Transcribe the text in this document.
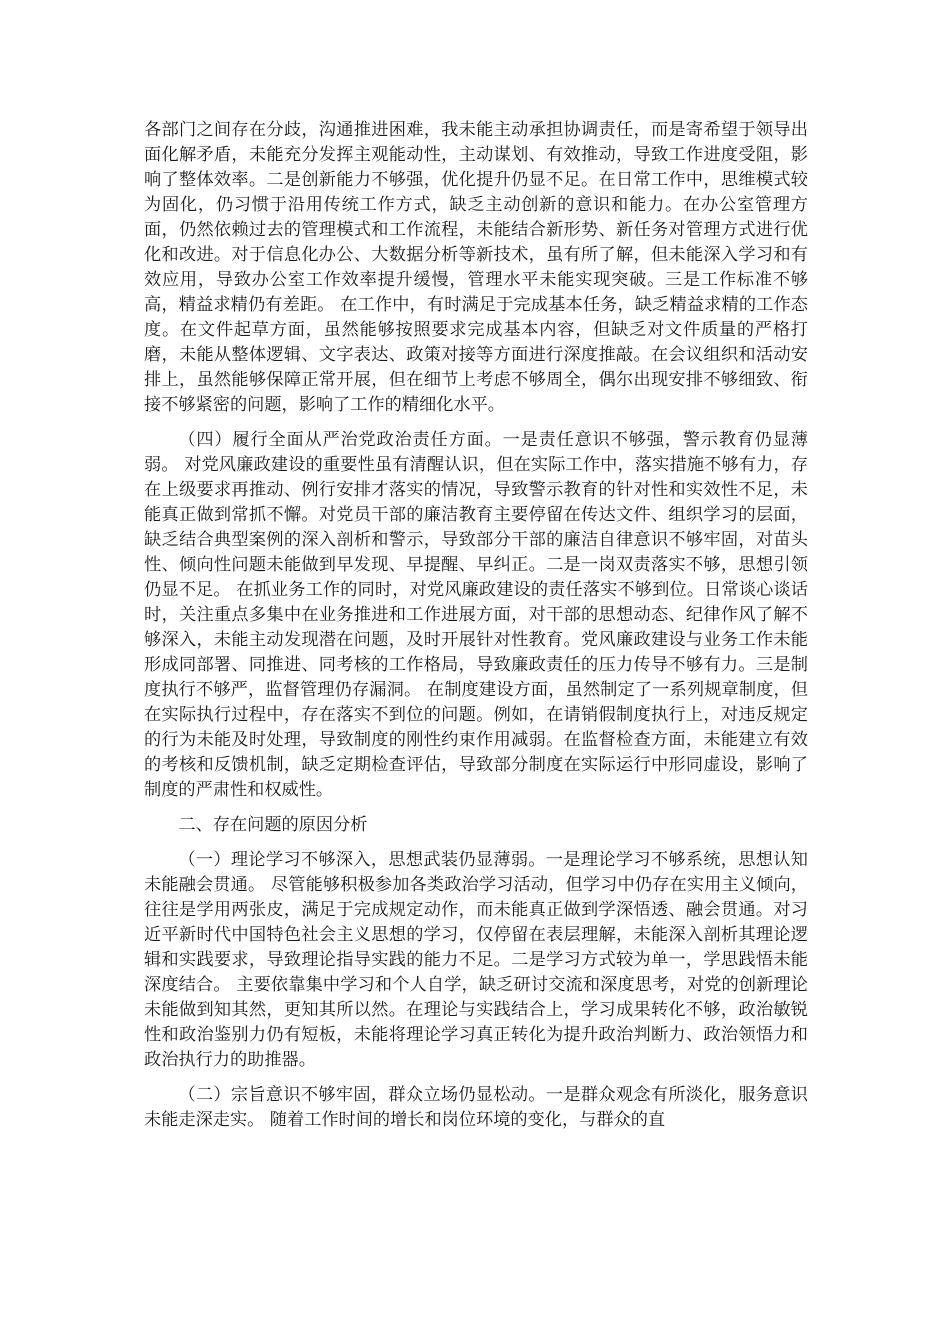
各部门之间存在分歧，沟通推进困难，我未能主动承担协调责任，而是寄希望于领导出面化解矛盾，未能充分发挥主观能动性，主动谋划、有效推动，导致工作进度受阻，影响了整体效率。二是创新能力不够强，优化提升仍显不足。在日常工作中，思维模式较为固化，仍习惯于沿用传统工作方式，缺乏主动创新的意识和能力。在办公室管理方面，仍然依赖过去的管理模式和工作流程，未能结合新形势、新任务对管理方式进行优化和改进。对于信息化办公、大数据分析等新技术，虽有所了解，但未能深入学习和有效应用，导致办公室工作效率提升缓慢，管理水平未能实现突破。三是工作标准不够高，精益求精仍有差距。 在工作中，有时满足于完成基本任务，缺乏精益求精的工作态度。在文件起草方面，虽然能够按照要求完成基本内容，但缺乏对文件质量的严格打磨，未能从整体逻辑、文字表达、政策对接等方面进行深度推敲。在会议组织和活动安排上，虽然能够保障正常开展，但在细节上考虑不够周全，偶尔出现安排不够细致、衔接不够紧密的问题，影响了工作的精细化水平。

（四）履行全面从严治党政治责任方面。一是责任意识不够强，警示教育仍显薄弱。 对党风廉政建设的重要性虽有清醒认识，但在实际工作中，落实措施不够有力，存在上级要求再推动、例行安排才落实的情况，导致警示教育的针对性和实效性不足，未能真正做到常抓不懈。对党员干部的廉洁教育主要停留在传达文件、组织学习的层面，缺乏结合典型案例的深入剖析和警示，导致部分干部的廉洁自律意识不够牢固，对苗头性、倾向性问题未能做到早发现、早提醒、早纠正。二是一岗双责落实不够，思想引领仍显不足。 在抓业务工作的同时，对党风廉政建设的责任落实不够到位。日常谈心谈话时，关注重点多集中在业务推进和工作进展方面，对干部的思想动态、纪律作风了解不够深入，未能主动发现潜在问题，及时开展针对性教育。党风廉政建设与业务工作未能形成同部署、同推进、同考核的工作格局，导致廉政责任的压力传导不够有力。三是制度执行不够严，监督管理仍存漏洞。 在制度建设方面，虽然制定了一系列规章制度，但在实际执行过程中，存在落实不到位的问题。例如，在请销假制度执行上，对违反规定的行为未能及时处理，导致制度的刚性约束作用减弱。在监督检查方面，未能建立有效的考核和反馈机制，缺乏定期检查评估，导致部分制度在实际运行中形同虚设，影响了制度的严肃性和权威性。

二、存在问题的原因分析

（一）理论学习不够深入，思想武装仍显薄弱。一是理论学习不够系统，思想认知未能融会贯通。 尽管能够积极参加各类政治学习活动，但学习中仍存在实用主义倾向，往往是学用两张皮，满足于完成规定动作，而未能真正做到学深悟透、融会贯通。对习近平新时代中国特色社会主义思想的学习，仅停留在表层理解，未能深入剖析其理论逻辑和实践要求，导致理论指导实践的能力不足。二是学习方式较为单一，学思践悟未能深度结合。 主要依靠集中学习和个人自学，缺乏研讨交流和深度思考，对党的创新理论未能做到知其然，更知其所以然。在理论与实践结合上，学习成果转化不够，政治敏锐性和政治鉴别力仍有短板，未能将理论学习真正转化为提升政治判断力、政治领悟力和政治执行力的助推器。

（二）宗旨意识不够牢固，群众立场仍显松动。一是群众观念有所淡化，服务意识未能走深走实。 随着工作时间的增长和岗位环境的变化，与群众的直
